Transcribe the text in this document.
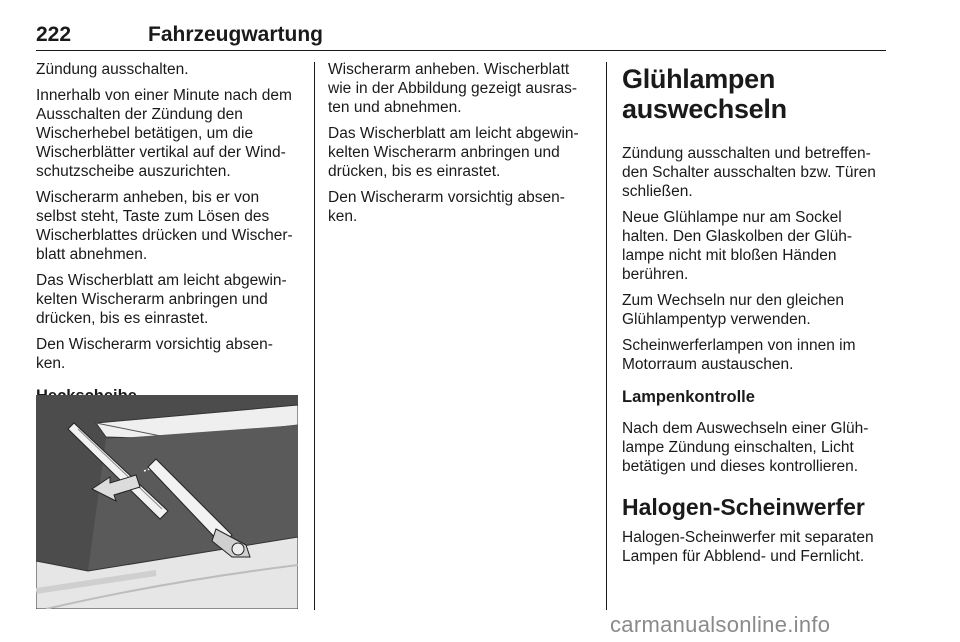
222	Fahrzeugwartung
Zündung ausschalten.
Innerhalb von einer Minute nach dem
Ausschalten der Zündung den
Wischerhebel betätigen, um die
Wischerblätter vertikal auf der Wind-
schutzscheibe auszurichten.
Wischerarm anheben, bis er von
selbst steht, Taste zum Lösen des
Wischerblattes drücken und Wischer-
blatt abnehmen.
Das Wischerblatt am leicht abgewin-
kelten Wischerarm anbringen und
drücken, bis es einrastet.
Den Wischerarm vorsichtig absen-
ken.
Wischerarm anheben. Wischerblatt
wie in der Abbildung gezeigt ausras-
ten und abnehmen.
Das Wischerblatt am leicht abgewin-
kelten Wischerarm anbringen und
drücken, bis es einrastet.
Den Wischerarm vorsichtig absen-
ken.
Glühlampen
auswechseln
Zündung ausschalten und betreffen-
den Schalter ausschalten bzw. Türen
schließen.
Neue Glühlampe nur am Sockel
halten. Den Glaskolben der Glüh-
lampe nicht mit bloßen Händen
berühren.
Zum Wechseln nur den gleichen
Glühlampentyp verwenden.
Scheinwerferlampen von innen im
Motorraum austauschen.
Lampenkontrolle
Nach dem Auswechseln einer Glüh-
lampe Zündung einschalten, Licht
betätigen und dieses kontrollieren.
Halogen-Scheinwerfer
Halogen-Scheinwerfer mit separaten
Lampen für Abblend- und Fernlicht.
carmanualsonline.info
